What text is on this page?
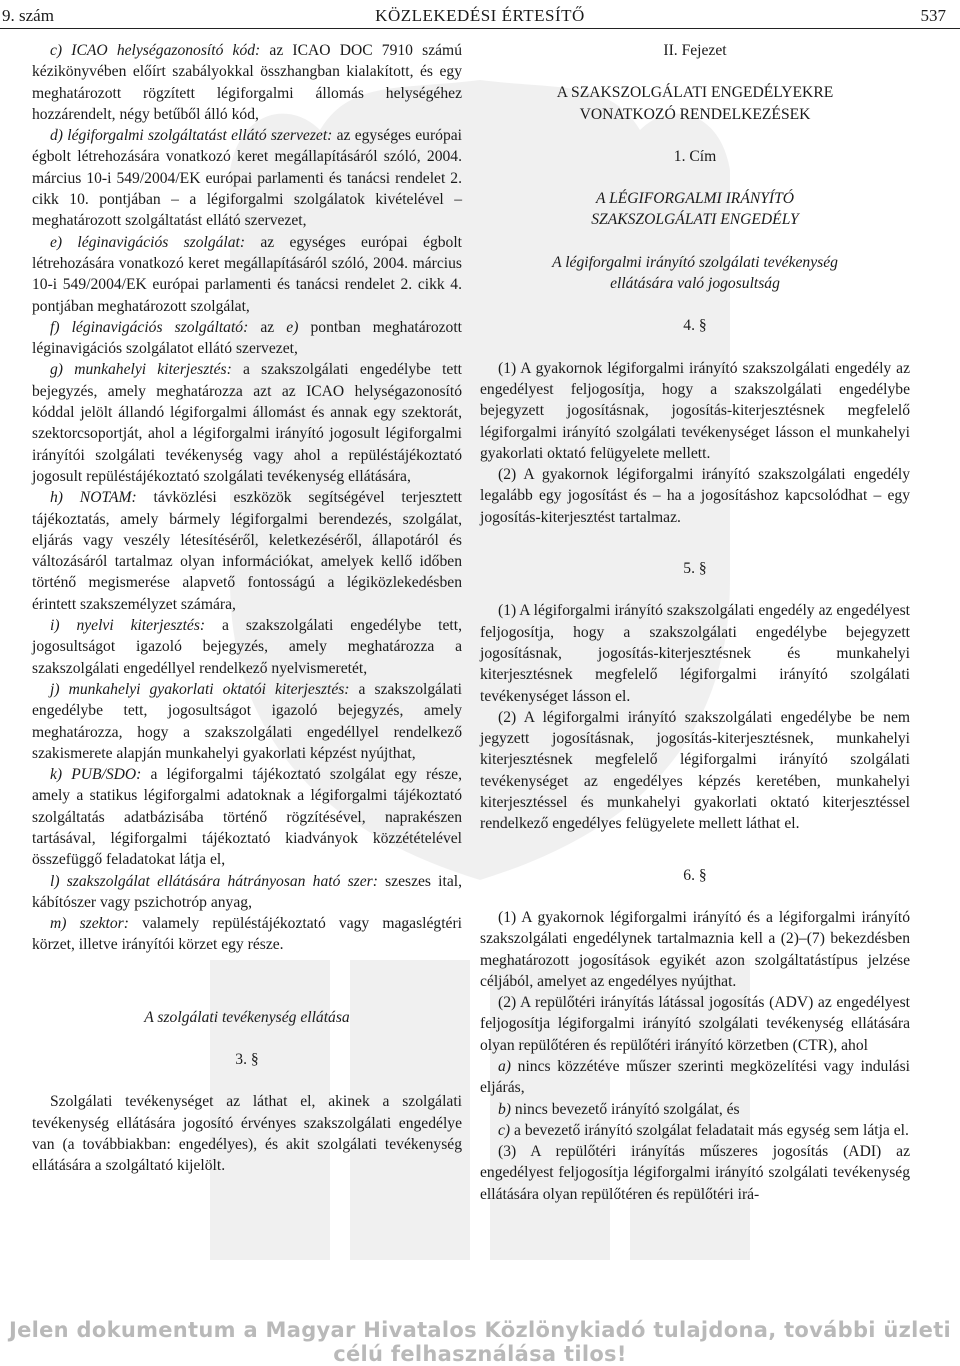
9. szám	KÖZLEKEDÉSI ÉRTESÍTŐ	537

c) ICAO helységazonosító kód: az ICAO DOC 7910 számú kézikönyvében előírt szabályokkal összhangban kialakított, és egy meghatározott rögzített légiforgalmi állomás helységéhez hozzárendelt, négy betűből álló kód,

d) légiforgalmi szolgáltatást ellátó szervezet: az egységes európai égbolt létrehozására vonatkozó keret megállapításáról szóló, 2004. március 10-i 549/2004/EK európai parlamenti és tanácsi rendelet 2. cikk 10. pontjában – a légiforgalmi szolgálatok kivételével – meghatározott szolgáltatást ellátó szervezet,

e) léginavigációs szolgálat: az egységes európai égbolt létrehozására vonatkozó keret megállapításáról szóló, 2004. március 10-i 549/2004/EK európai parlamenti és tanácsi rendelet 2. cikk 4. pontjában meghatározott szolgálat,

f) léginavigációs szolgáltató: az e) pontban meghatározott léginavigációs szolgálatot ellátó szervezet,

g) munkahelyi kiterjesztés: a szakszolgálati engedélybe tett bejegyzés, amely meghatározza azt az ICAO helységazonosító kóddal jelölt állandó légiforgalmi állomást és annak egy szektorát, szektorcsoportját, ahol a légiforgalmi irányító jogosult légiforgalmi irányítói szolgálati tevékenység vagy ahol a repüléstájékoztató jogosult repüléstájékoztató szolgálati tevékenység ellátására,

h) NOTAM: távközlési eszközök segítségével terjesztett tájékoztatás, amely bármely légiforgalmi berendezés, szolgálat, eljárás vagy veszély létesítéséről, keletkezéséről, állapotáról és változásáról tartalmaz olyan információkat, amelyek kellő időben történő megismerése alapvető fontosságú a légiközlekedésben érintett szakszemélyzet számára,

i) nyelvi kiterjesztés: a szakszolgálati engedélybe tett, jogosultságot igazoló bejegyzés, amely meghatározza a szakszolgálati engedéllyel rendelkező nyelvismeretét,

j) munkahelyi gyakorlati oktatói kiterjesztés: a szakszolgálati engedélybe tett, jogosultságot igazoló bejegyzés, amely meghatározza, hogy a szakszolgálati engedéllyel rendelkező szakismerete alapján munkahelyi gyakorlati képzést nyújthat,

k) PUB/SDO: a légiforgalmi tájékoztató szolgálat egy része, amely a statikus légiforgalmi adatoknak a légiforgalmi tájékoztató szolgáltatás adatbázisába történő rögzítésével, naprakészen tartásával, légiforgalmi tájékoztató kiadványok közzétételével összefüggő feladatokat látja el,

l) szakszolgálat ellátására hátrányosan ható szer: szeszes ital, kábítószer vagy pszichotróp anyag,

m) szektor: valamely repüléstájékoztató vagy magaslégtéri körzet, illetve irányítói körzet egy része.

A szolgálati tevékenység ellátása

3. §

Szolgálati tevékenységet az láthat el, akinek a szolgálati tevékenység ellátására jogosító érvényes szakszolgálati engedélye van (a továbbiakban: engedélyes), és akit szolgálati tevékenység ellátására a szolgáltató kijelölt.

II. Fejezet

A SZAKSZOLGÁLATI ENGEDÉLYEKRE

VONATKOZÓ RENDELKEZÉSEK

1. Cím

A LÉGIFORGALMI IRÁNYÍTÓ

SZAKSZOLGÁLATI ENGEDÉLY

A légiforgalmi irányító szolgálati tevékenység

ellátására való jogosultság

4. §

(1) A gyakornok légiforgalmi irányító szakszolgálati engedély az engedélyest feljogosítja, hogy a szakszolgálati engedélybe bejegyzett jogosításnak, jogosítás-kiterjesztésnek megfelelő légiforgalmi irányító szolgálati tevékenységet lásson el munkahelyi gyakorlati oktató felügyelete mellett.

(2) A gyakornok légiforgalmi irányító szakszolgálati engedély legalább egy jogosítást és – ha a jogosításhoz kapcsolódhat – egy jogosítás-kiterjesztést tartalmaz.

5. §

(1) A légiforgalmi irányító szakszolgálati engedély az engedélyest feljogosítja, hogy a szakszolgálati engedélybe bejegyzett jogosításnak, jogosítás-kiterjesztésnek és munkahelyi kiterjesztésnek megfelelő légiforgalmi irányító szolgálati tevékenységet lásson el.

(2) A légiforgalmi irányító szakszolgálati engedélybe be nem jegyzett jogosításnak, jogosítás-kiterjesztésnek, munkahelyi kiterjesztésnek megfelelő légiforgalmi irányító szolgálati tevékenységet az engedélyes képzés keretében, munkahelyi kiterjesztéssel és munkahelyi gyakorlati oktató kiterjesztéssel rendelkező engedélyes felügyelete mellett láthat el.

6. §

(1) A gyakornok légiforgalmi irányító és a légiforgalmi irányító szakszolgálati engedélynek tartalmaznia kell a (2)–(7) bekezdésben meghatározott jogosítások egyikét azon szolgáltatástípus jelzése céljából, amelyet az engedélyes nyújthat.

(2) A repülőtéri irányítás látással jogosítás (ADV) az engedélyest feljogosítja légiforgalmi irányító szolgálati tevékenység ellátására olyan repülőtéren és repülőtéri irányító körzetben (CTR), ahol

a) nincs közzétéve műszer szerinti megközelítési vagy indulási eljárás,

b) nincs bevezető irányító szolgálat, és

c) a bevezető irányító szolgálat feladatait más egység sem látja el.

(3) A repülőtéri irányítás műszeres jogosítás (ADI) az engedélyest feljogosítja légiforgalmi irányító szolgálati tevékenység ellátására olyan repülőtéren és repülőtéri irá-

Jelen dokumentum a Magyar Hivatalos Közlönykiadó tulajdona, további üzleti célú felhasználása tilos!
